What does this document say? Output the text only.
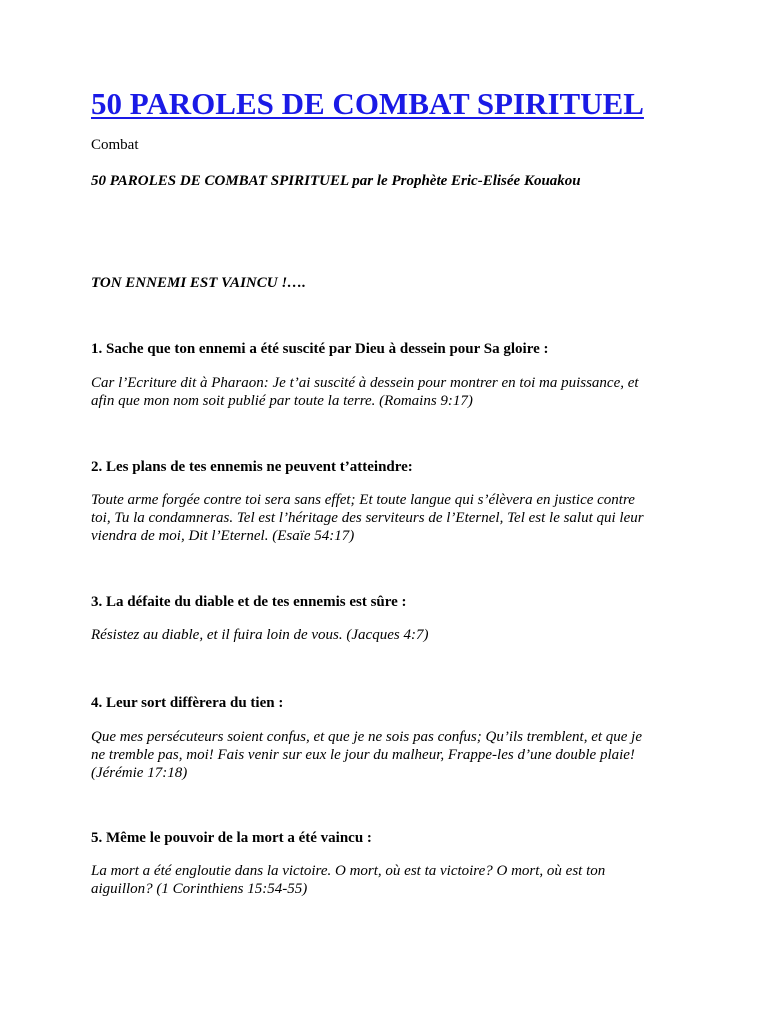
50 PAROLES DE COMBAT SPIRITUEL
Combat
50 PAROLES DE COMBAT SPIRITUEL par le Prophète Eric-Elisée Kouakou
TON ENNEMI EST VAINCU !….
1. Sache que ton ennemi a été suscité par Dieu à dessein pour Sa gloire :
Car l’Ecriture dit à Pharaon: Je t’ai suscité à dessein pour montrer en toi ma puissance, et
afin que mon nom soit publié par toute la terre. (Romains 9:17)
2. Les plans de tes ennemis ne peuvent t’atteindre:
Toute arme forgée contre toi sera sans effet; Et toute langue qui s’élèvera en justice contre
toi, Tu la condamneras. Tel est l’héritage des serviteurs de l’Eternel, Tel est le salut qui leur
viendra de moi, Dit l’Eternel. (Esaïe 54:17)
3. La défaite du diable et de tes ennemis est sûre :
Résistez au diable, et il fuira loin de vous. (Jacques 4:7)
4. Leur sort diffèrera du tien :
Que mes persécuteurs soient confus, et que je ne sois pas confus; Qu’ils tremblent, et que je
ne tremble pas, moi! Fais venir sur eux le jour du malheur, Frappe-les d’une double plaie!
(Jérémie 17:18)
5. Même le pouvoir de la mort a été vaincu :
La mort a été engloutie dans la victoire. O mort, où est ta victoire? O mort, où est ton
aiguillon? (1 Corinthiens 15:54-55)
